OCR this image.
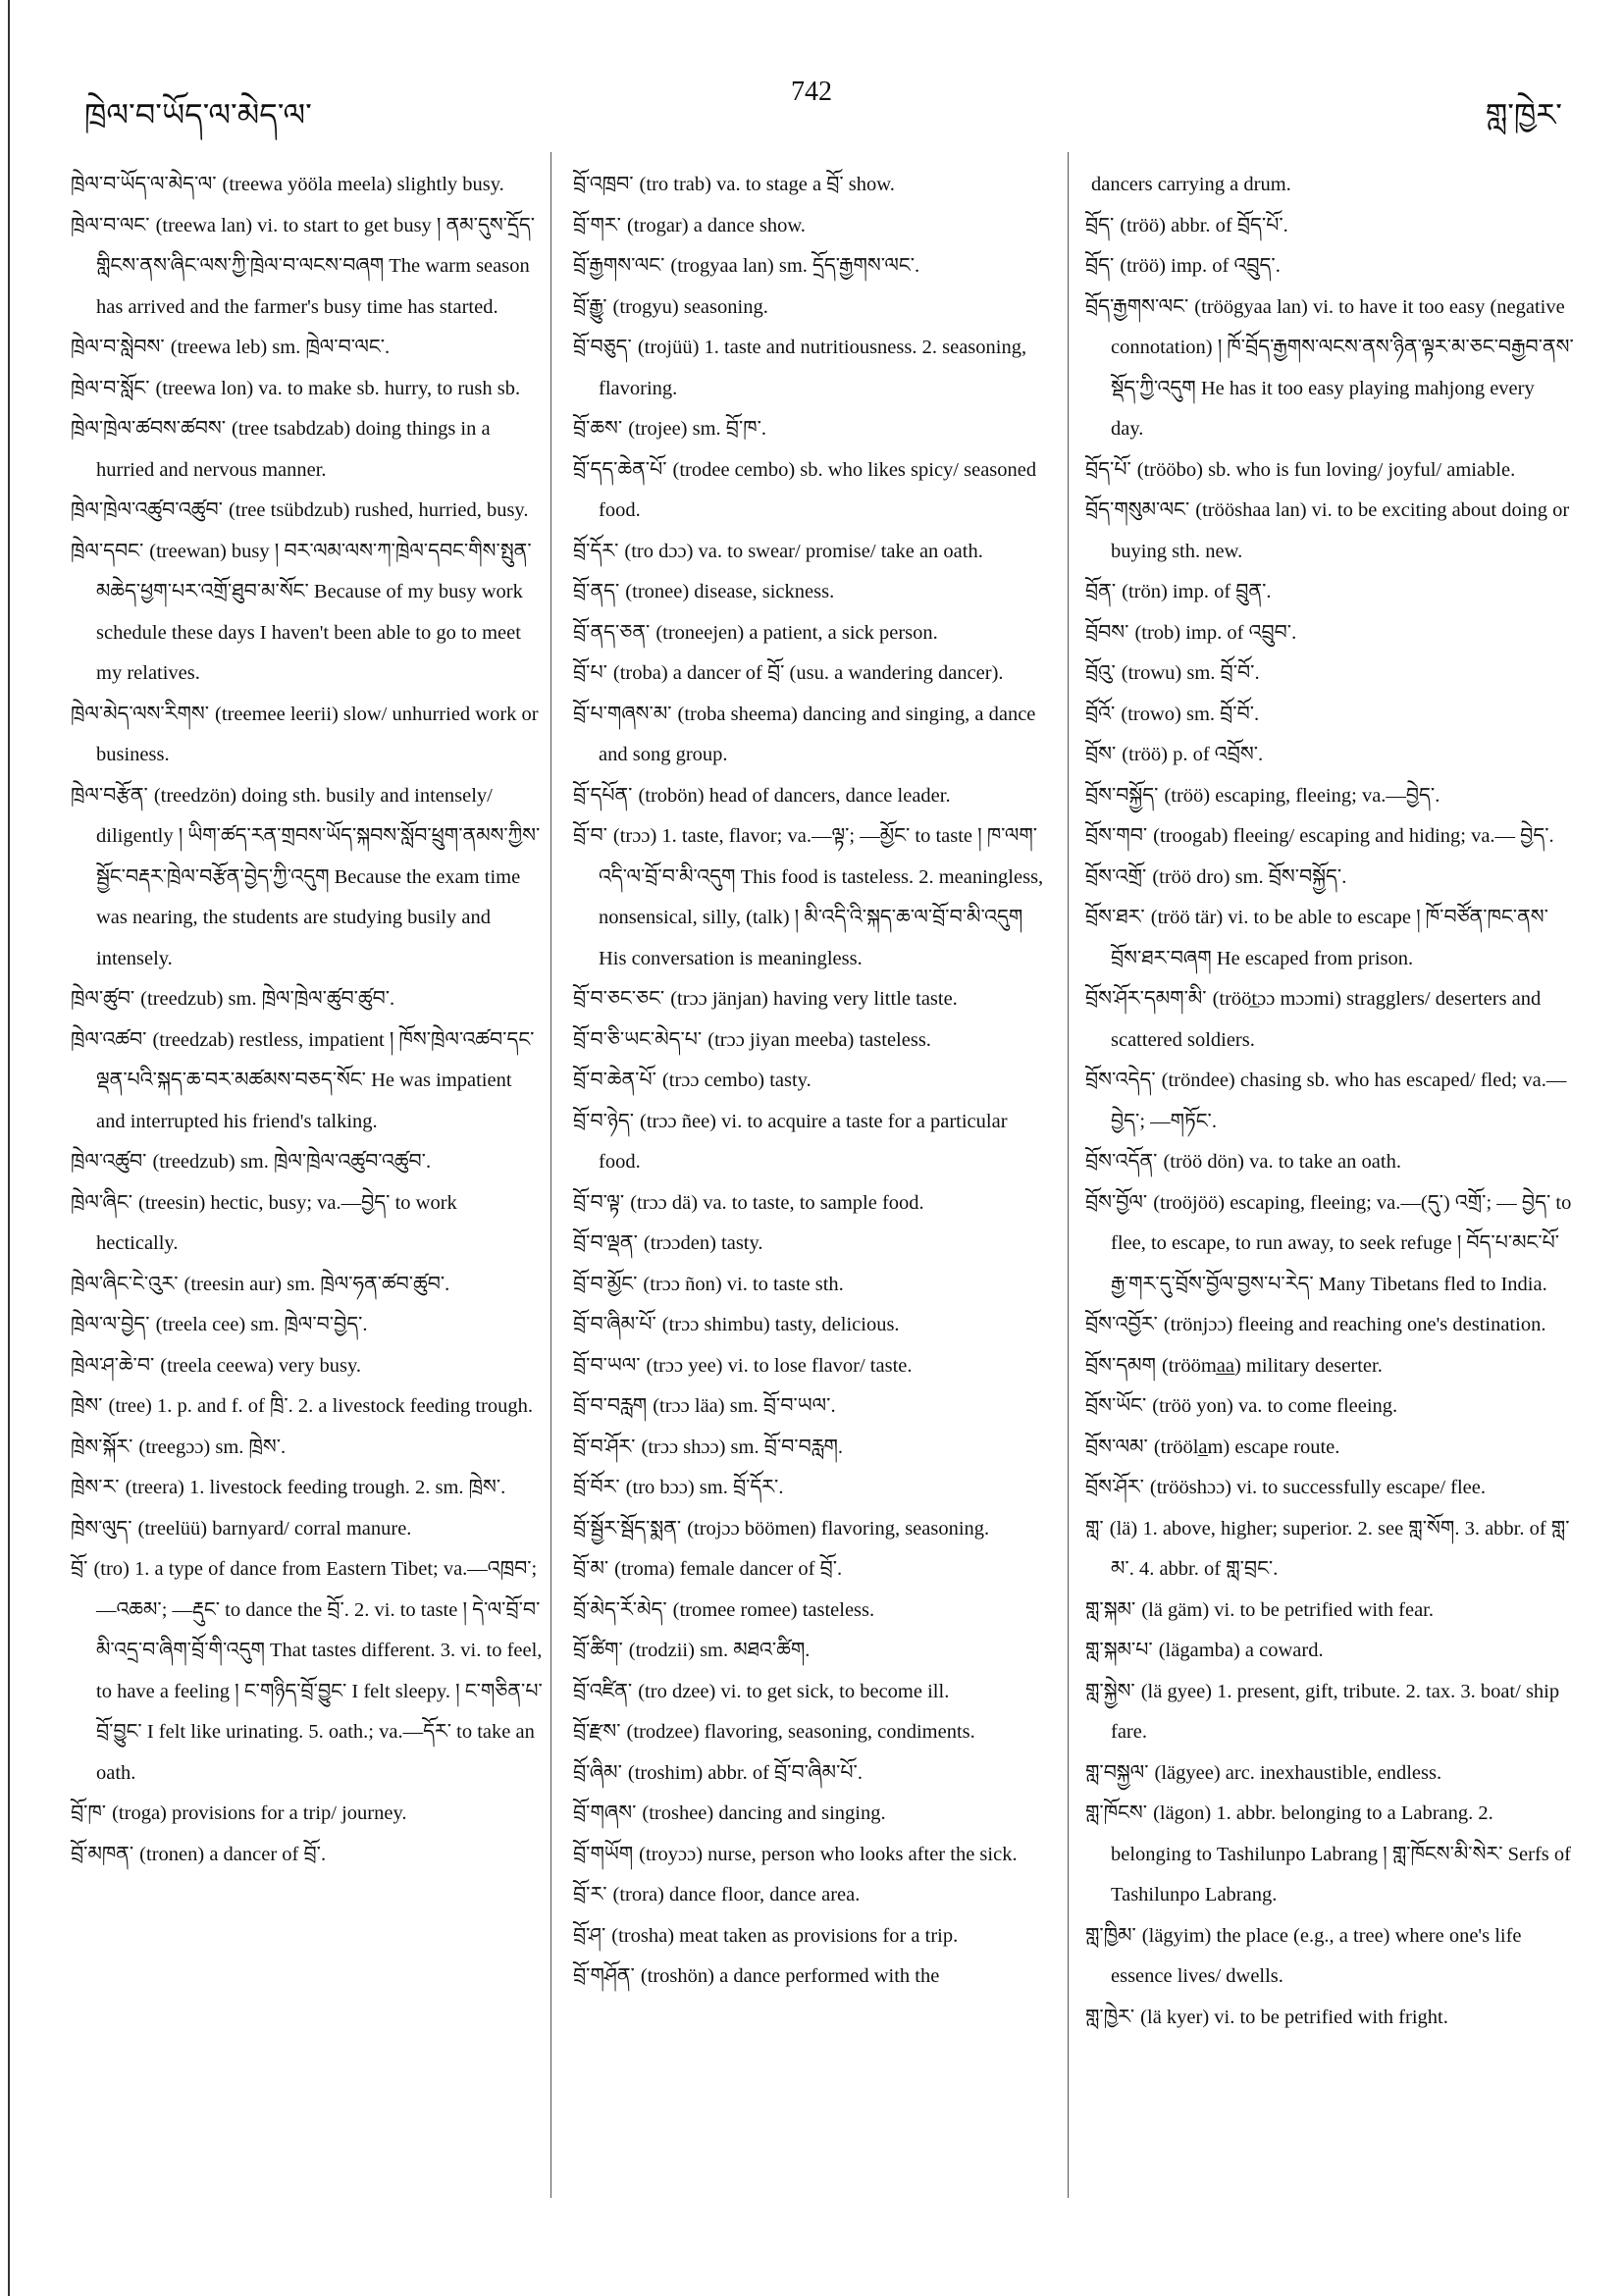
ཁྲེལ་བ་ཡོད་ལ་མེད་ལ་
742
གླ་ཁྱེར་
ཁྲེལ་བ་ཡོད་ལ་མེད་ལ་ (treewa yööla meela) slightly busy.
ཁྲེལ་བ་ལང་ (treewa lan) vi. to start to get busy ། ནམ་དུས་དྲོད་གླིངས་ནས་ཞིང་ལས་ཀྱི་ཁྲེལ་བ་ལངས་བཞག The warm season has arrived and the farmer's busy time has started.
ཁྲེལ་བ་སླེབས་ (treewa leb) sm. ཁྲེལ་བ་ལང་.
ཁྲེལ་བ་སློང་ (treewa lon) va. to make sb. hurry, to rush sb.
ཁྲེལ་ཁྲེལ་ཚབས་ཚབས་ (tree tsabdzab) doing things in a hurried and nervous manner.
ཁྲེལ་ཁྲེལ་འཚུབ་འཚུབ་ (tree tsübdzub) rushed, hurried, busy.
ཁྲེལ་དབང་ (treewan) busy ། བར་ལམ་ལས་ཀ་ཁྲེལ་དབང་གིས་སྤུན་མཆེད་ཕྱག་པར་འགྲོ་ཐུབ་མ་སོང་ Because of my busy work schedule these days I haven't been able to go to meet my relatives.
ཁྲེལ་མེད་ལས་རིགས་ (treemee leerii) slow/ unhurried work or business.
ཁྲེལ་བརྩོན་ (treedzön) doing sth. busily and intensely/ diligently ། ཡིག་ཚད་རན་གྲབས་ཡོད་སྐབས་སློབ་ཕྲུག་ནམས་ཀྱིས་སྦྱོང་བརྡར་ཁྲེལ་བརྩོན་བྱེད་ཀྱི་འདུག Because the exam time was nearing, the students are studying busily and intensely.
ཁྲེལ་ཚུབ་ (treedzub) sm. ཁྲེལ་ཁྲེལ་ཚུབ་ཚུབ་.
ཁྲེལ་འཚབ་ (treedzab) restless, impatient ། ཁོས་ཁྲེལ་འཚབ་དང་ལྡན་པའི་སྐད་ཆ་བར་མཚམས་བཅད་སོང་ He was impatient and interrupted his friend's talking.
ཁྲེལ་འཚུབ་ (treedzub) sm. ཁྲེལ་ཁྲེལ་འཚུབ་འཚུབ་.
ཁྲེལ་ཞིང་ (treesin) hectic, busy; va.—བྱེད་ to work hectically.
ཁྲེལ་ཞིང་ངེ་འུར་ (treesin aur) sm. ཁྲེལ་ཧན་ཚབ་ཚུབ་.
ཁྲེལ་ལ་བྱེད་ (treela cee) sm. ཁྲེལ་བ་བྱེད་.
ཁྲེལ་ཤ་ཆེ་བ་ (treela ceewa) very busy.
ཁྲེས་ (tree) 1. p. and f. of ཁྲི་. 2. a livestock feeding trough.
ཁྲེས་སྐོར་ (treegɔɔ) sm. ཁྲེས་.
ཁྲེས་ར་ (treera) 1. livestock feeding trough. 2. sm. ཁྲེས་.
ཁྲེས་ལུད་ (treelüü) barnyard/ corral manure.
བྲོ་ (tro) 1. a type of dance from Eastern Tibet; va.—འཁྲབ་; —འཆམ་; —རྡུང་ to dance the བྲོ་. 2. vi. to taste ། དེ་ལ་བྲོ་བ་མི་འདྲ་བ་ཞིག་བྲོ་གི་འདུག That tastes different. 3. vi. to feel, to have a feeling ། ང་གཉིད་བྲོ་བྱུང་ I felt sleepy. ། ང་གཅིན་པ་བྲོ་བྱུང་ I felt like urinating. 5. oath.; va.—དོར་ to take an oath.
བྲོ་ཁ་ (troga) provisions for a trip/ journey.
བྲོ་མཁན་ (tronen) a dancer of བྲོ་.
བྲོ་འཁྲབ་ (tro trab) va. to stage a བྲོ་ show.
བྲོ་གར་ (trogar) a dance show.
བྲོ་རྒྱགས་ལང་ (trogyaa lan) sm. དྲོད་རྒྱགས་ལང་.
བྲོ་རྒྱུ་ (trogyu) seasoning.
བྲོ་བཅུད་ (trojüü) 1. taste and nutritiousness. 2. seasoning, flavoring.
བྲོ་ཆས་ (trojee) sm. བྲོ་ཁ་.
བྲོ་དད་ཆེན་པོ་ (trodee cembo) sb. who likes spicy/ seasoned food.
བྲོ་དོར་ (tro dɔɔ) va. to swear/ promise/ take an oath.
བྲོ་ནད་ (tronee) disease, sickness.
བྲོ་ནད་ཅན་ (troneejen) a patient, a sick person.
བྲོ་པ་ (troba) a dancer of བྲོ་ (usu. a wandering dancer).
བྲོ་པ་གཞས་མ་ (troba sheema) dancing and singing, a dance and song group.
བྲོ་དཔོན་ (trobön) head of dancers, dance leader.
བྲོ་བ་ (trɔɔ) 1. taste, flavor; va.—ལྟ་; —མྱོང་ to taste ། ཁ་ལག་འདི་ལ་བྲོ་བ་མི་འདུག This food is tasteless. 2. meaningless, nonsensical, silly, (talk) ། མི་འདི་འི་སྐད་ཆ་ལ་བྲོ་བ་མི་འདུག His conversation is meaningless.
བྲོ་བ་ཅང་ཅང་ (trɔɔ jänjan) having very little taste.
བྲོ་བ་ཅི་ཡང་མེད་པ་ (trɔɔ jiyan meeba) tasteless.
བྲོ་བ་ཆེན་པོ་ (trɔɔ cembo) tasty.
བྲོ་བ་ཉེད་ (trɔɔ ñee) vi. to acquire a taste for a particular food.
བྲོ་བ་ལྟ་ (trɔɔ dä) va. to taste, to sample food.
བྲོ་བ་ལྡན་ (trɔɔden) tasty.
བྲོ་བ་མྱོང་ (trɔɔ ñon) vi. to taste sth.
བྲོ་བ་ཞིམ་པོ་ (trɔɔ shimbu) tasty, delicious.
བྲོ་བ་ཡལ་ (trɔɔ yee) vi. to lose flavor/ taste.
བྲོ་བ་བརླག (trɔɔ läa) sm. བྲོ་བ་ཡལ་.
བྲོ་བ་ཤོར་ (trɔɔ shɔɔ) sm. བྲོ་བ་བརླག.
བྲོ་བོར་ (tro bɔɔ) sm. བྲོ་དོར་.
བྲོ་སྦྱོར་སྦོད་སྨན་ (trojɔɔ böömen) flavoring, seasoning.
བྲོ་མ་ (troma) female dancer of བྲོ་.
བྲོ་མེད་རོ་མེད་ (tromee romee) tasteless.
བྲོ་ཚིག་ (trodzii) sm. མཐའ་ཚིག.
བྲོ་འཛིན་ (tro dzee) vi. to get sick, to become ill.
བྲོ་རྫས་ (trodzee) flavoring, seasoning, condiments.
བྲོ་ཞིམ་ (troshim) abbr. of བྲོ་བ་ཞིམ་པོ་.
བྲོ་གཞས་ (troshee) dancing and singing.
བྲོ་གཡོག (troyɔɔ) nurse, person who looks after the sick.
བྲོ་ར་ (trora) dance floor, dance area.
བྲོ་ཤ་ (trosha) meat taken as provisions for a trip.
བྲོ་གཤོན་ (troshön) a dance performed with the
dancers carrying a drum.
བྲོད་ (tröö) abbr. of བྲོད་པོ་.
བྲོད་ (tröö) imp. of འབྲུད་.
བྲོད་རྒྱགས་ལང་ (tröögyaa lan) vi. to have it too easy (negative connotation) ། ཁོ་བྲོད་རྒྱགས་ལངས་ནས་ཉིན་ལྟར་མ་ཅང་བརྒྱབ་ནས་སྡོད་ཀྱི་འདུག He has it too easy playing mahjong every day.
བྲོད་པོ་ (trööbo) sb. who is fun loving/ joyful/ amiable.
བྲོད་གསུམ་ལང་ (trööshaa lan) vi. to be exciting about doing or buying sth. new.
བྲོན་ (trön) imp. of བྲུན་.
བྲོབས་ (trob) imp. of འབྲུབ་.
བྲོའུ་ (trowu) sm. བྲོ་བོ་.
བྲོའོ་ (trowo) sm. བྲོ་བོ་.
བྲོས་ (tröö) p. of འབྲོས་.
བྲོས་བསྐྱོད་ (tröö) escaping, fleeing; va.—བྱེད་.
བྲོས་གབ་ (troogab) fleeing/ escaping and hiding; va.— བྱེད་.
བྲོས་འགྲོ་ (tröö dro) sm. བྲོས་བསྐྱོད་.
བྲོས་ཐར་ (tröö tär) vi. to be able to escape ། ཁོ་བཙོན་ཁང་ནས་བྲོས་ཐར་བཞག He escaped from prison.
བྲོས་ཤོར་དམག་མི་ (trööt̲ɔɔ mɔɔmi) stragglers/ deserters and scattered soldiers.
བྲོས་འདེད་ (tröndee) chasing sb. who has escaped/ fled; va.—བྱེད་; —གཏོང་.
བྲོས་འདོན་ (tröö dön) va. to take an oath.
བྲོས་བྱོལ་ (troöjöö) escaping, fleeing; va.—(དུ་) འགྲོ་; — བྱེད་ to flee, to escape, to run away, to seek refuge ། བོད་པ་མང་པོ་རྒྱ་གར་དུ་བྲོས་བྱོལ་བྱས་པ་རེད་ Many Tibetans fled to India.
བྲོས་འབྱོར་ (trönjɔɔ) fleeing and reaching one's destination.
བྲོས་དམག (trööma̲a̲) military deserter.
བྲོས་ཡོང་ (tröö yon) va. to come fleeing.
བྲོས་ལམ་ (trööla̲m) escape route.
བྲོས་ཤོར་ (trööshɔɔ) vi. to successfully escape/ flee.
གླ་ (lä) 1. above, higher; superior. 2. see གླ་སོག. 3. abbr. of གླ་མ་. 4. abbr. of གླ་བྲང་.
གླ་སྐམ་ (lä gäm) vi. to be petrified with fear.
གླ་སྐམ་པ་ (lägamba) a coward.
གླ་སྐྱེས་ (lä gyee) 1. present, gift, tribute. 2. tax. 3. boat/ ship fare.
གླ་བསྐྱལ་ (lägyee) arc. inexhaustible, endless.
གླ་ཁོངས་ (lägon) 1. abbr. belonging to a Labrang. 2. belonging to Tashilunpo Labrang ། གླ་ཁོངས་མི་སེར་ Serfs of Tashilunpo Labrang.
གླ་ཁྱིམ་ (lägyim) the place (e.g., a tree) where one's life essence lives/ dwells.
གླ་ཁྱེར་ (lä kyer) vi. to be petrified with fright.
